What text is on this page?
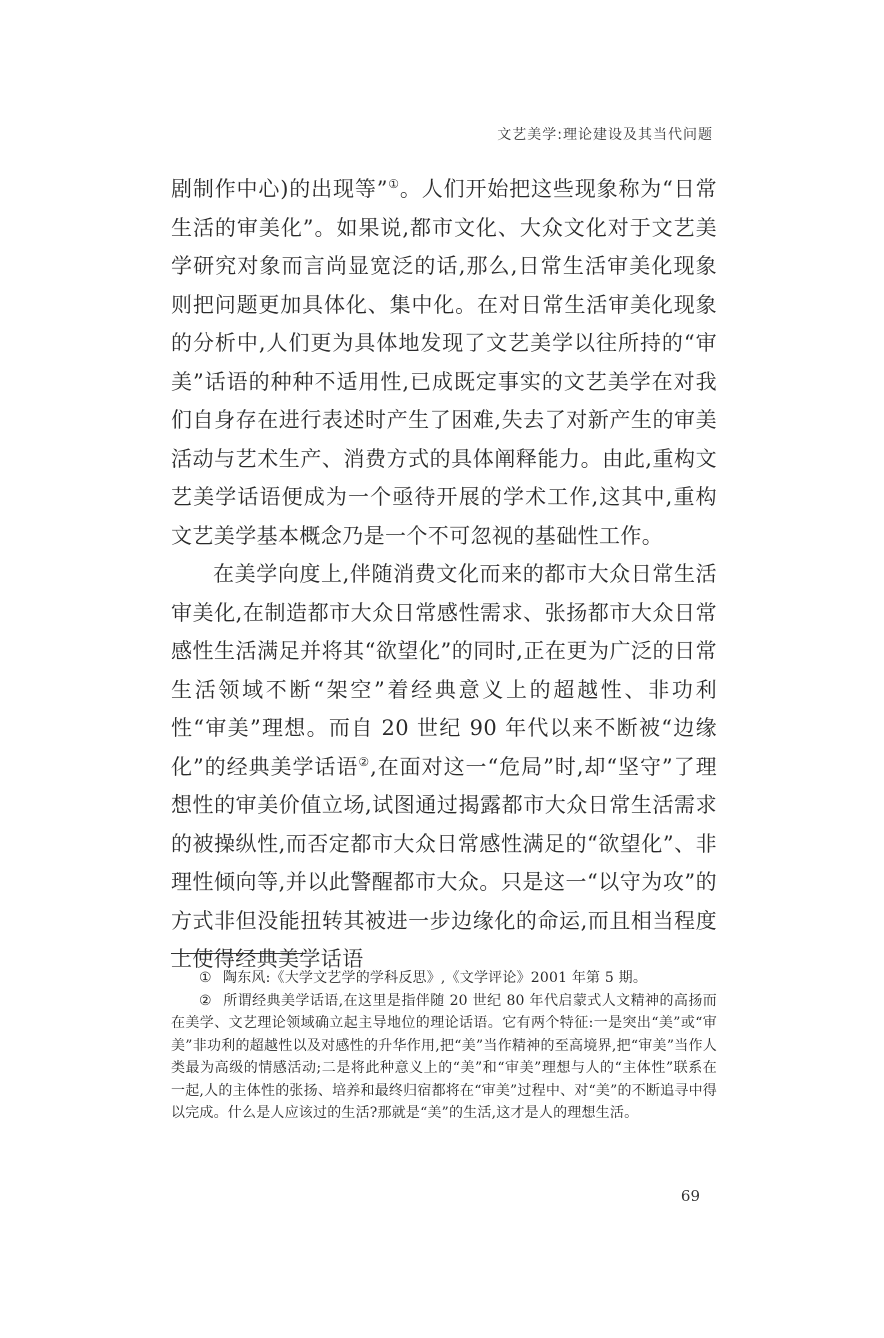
文艺美学:理论建设及其当代问题

剧制作中心)的出现等”①。人们开始把这些现象称为“日常生活的审美化”。如果说,都市文化、大众文化对于文艺美学研究对象而言尚显宽泛的话,那么,日常生活审美化现象则把问题更加具体化、集中化。在对日常生活审美化现象的分析中,人们更为具体地发现了文艺美学以往所持的“审美”话语的种种不适用性,已成既定事实的文艺美学在对我们自身存在进行表述时产生了困难,失去了对新产生的审美活动与艺术生产、消费方式的具体阐释能力。由此,重构文艺美学话语便成为一个亟待开展的学术工作,这其中,重构文艺美学基本概念乃是一个不可忽视的基础性工作。

在美学向度上,伴随消费文化而来的都市大众日常生活审美化,在制造都市大众日常感性需求、张扬都市大众日常感性生活满足并将其“欲望化”的同时,正在更为广泛的日常生活领域不断“架空”着经典意义上的超越性、非功利性“审美”理想。而自 20 世纪 90 年代以来不断被“边缘化”的经典美学话语②,在面对这一“危局”时,却“坚守”了理想性的审美价值立场,试图通过揭露都市大众日常生活需求的被操纵性,而否定都市大众日常感性满足的“欲望化”、非理性倾向等,并以此警醒都市大众。只是这一“以守为攻”的方式非但没能扭转其被进一步边缘化的命运,而且相当程度上使得经典美学话语

① 陶东风:《大学文艺学的学科反思》,《文学评论》2001 年第 5 期。

② 所谓经典美学话语,在这里是指伴随 20 世纪 80 年代启蒙式人文精神的高扬而在美学、文艺理论领域确立起主导地位的理论话语。它有两个特征:一是突出“美”或“审美”非功利的超越性以及对感性的升华作用,把“美”当作精神的至高境界,把“审美”当作人类最为高级的情感活动;二是将此种意义上的“美”和“审美”理想与人的“主体性”联系在一起,人的主体性的张扬、培养和最终归宿都将在“审美”过程中、对“美”的不断追寻中得以完成。什么是人应该过的生活?那就是“美”的生活,这才是人的理想生活。

69
